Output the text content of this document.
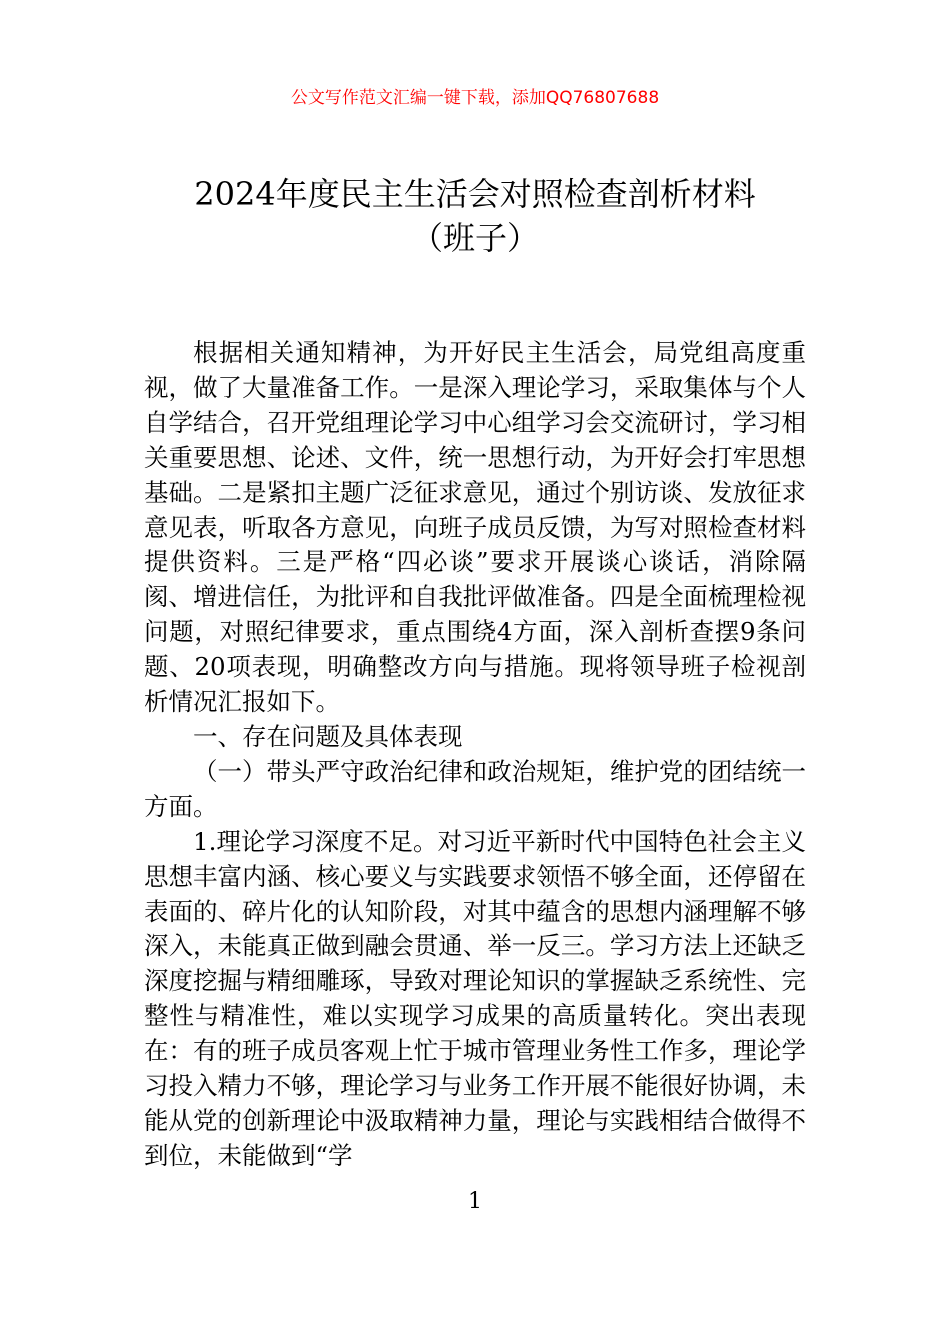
公文写作范文汇编一键下载，添加QQ76807688
2024年度民主生活会对照检查剖析材料
（班子）

根据相关通知精神，为开好民主生活会，局党组高度重视，做了大量准备工作。一是深入理论学习，采取集体与个人自学结合，召开党组理论学习中心组学习会交流研讨，学习相关重要思想、论述、文件，统一思想行动，为开好会打牢思想基础。二是紧扣主题广泛征求意见，通过个别访谈、发放征求意见表，听取各方意见，向班子成员反馈，为写对照检查材料提供资料。三是严格“四必谈”要求开展谈心谈话，消除隔阂、增进信任，为批评和自我批评做准备。四是全面梳理检视问题，对照纪律要求，重点围绕4方面，深入剖析查摆9条问题、20项表现，明确整改方向与措施。现将领导班子检视剖析情况汇报如下。

一、存在问题及具体表现

（一）带头严守政治纪律和政治规矩，维护党的团结统一方面。

1.理论学习深度不足。对习近平新时代中国特色社会主义思想丰富内涵、核心要义与实践要求领悟不够全面，还停留在表面的、碎片化的认知阶段，对其中蕴含的思想内涵理解不够深入，未能真正做到融会贯通、举一反三。学习方法上还缺乏深度挖掘与精细雕琢，导致对理论知识的掌握缺乏系统性、完整性与精准性，难以实现学习成果的高质量转化。突出表现在：有的班子成员客观上忙于城市管理业务性工作多，理论学习投入精力不够，理论学习与业务工作开展不能很好协调，未能从党的创新理论中汲取精神力量，理论与实践相结合做得不到位，未能做到“学

1
